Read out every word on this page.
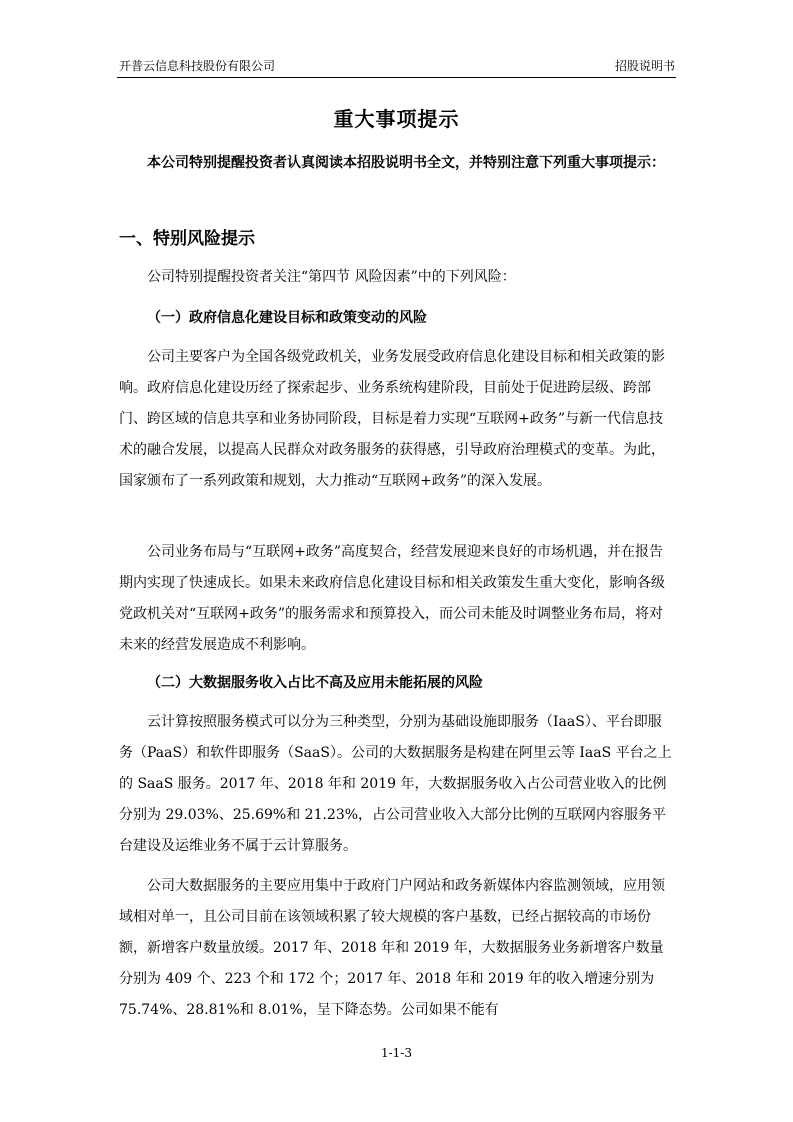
开普云信息科技股份有限公司	招股说明书
重大事项提示
本公司特别提醒投资者认真阅读本招股说明书全文，并特别注意下列重大事项提示：
一、特别风险提示
公司特别提醒投资者关注“第四节 风险因素”中的下列风险：
（一）政府信息化建设目标和政策变动的风险
公司主要客户为全国各级党政机关，业务发展受政府信息化建设目标和相关政策的影响。政府信息化建设历经了探索起步、业务系统构建阶段，目前处于促进跨层级、跨部门、跨区域的信息共享和业务协同阶段，目标是着力实现“互联网+政务”与新一代信息技术的融合发展，以提高人民群众对政务服务的获得感，引导政府治理模式的变革。为此，国家颁布了一系列政策和规划，大力推动“互联网+政务”的深入发展。
公司业务布局与“互联网+政务”高度契合，经营发展迎来良好的市场机遇，并在报告期内实现了快速成长。如果未来政府信息化建设目标和相关政策发生重大变化，影响各级党政机关对“互联网+政务”的服务需求和预算投入，而公司未能及时调整业务布局，将对未来的经营发展造成不利影响。
（二）大数据服务收入占比不高及应用未能拓展的风险
云计算按照服务模式可以分为三种类型，分别为基础设施即服务（IaaS）、平台即服务（PaaS）和软件即服务（SaaS）。公司的大数据服务是构建在阿里云等 IaaS 平台之上的 SaaS 服务。2017 年、2018 年和 2019 年，大数据服务收入占公司营业收入的比例分别为 29.03%、25.69%和 21.23%，占公司营业收入大部分比例的互联网内容服务平台建设及运维业务不属于云计算服务。
公司大数据服务的主要应用集中于政府门户网站和政务新媒体内容监测领域，应用领域相对单一，且公司目前在该领域积累了较大规模的客户基数，已经占据较高的市场份额，新增客户数量放缓。2017 年、2018 年和 2019 年，大数据服务业务新增客户数量分别为 409 个、223 个和 172 个；2017 年、2018 年和 2019 年的收入增速分别为 75.74%、28.81%和 8.01%，呈下降态势。公司如果不能有
1-1-3
